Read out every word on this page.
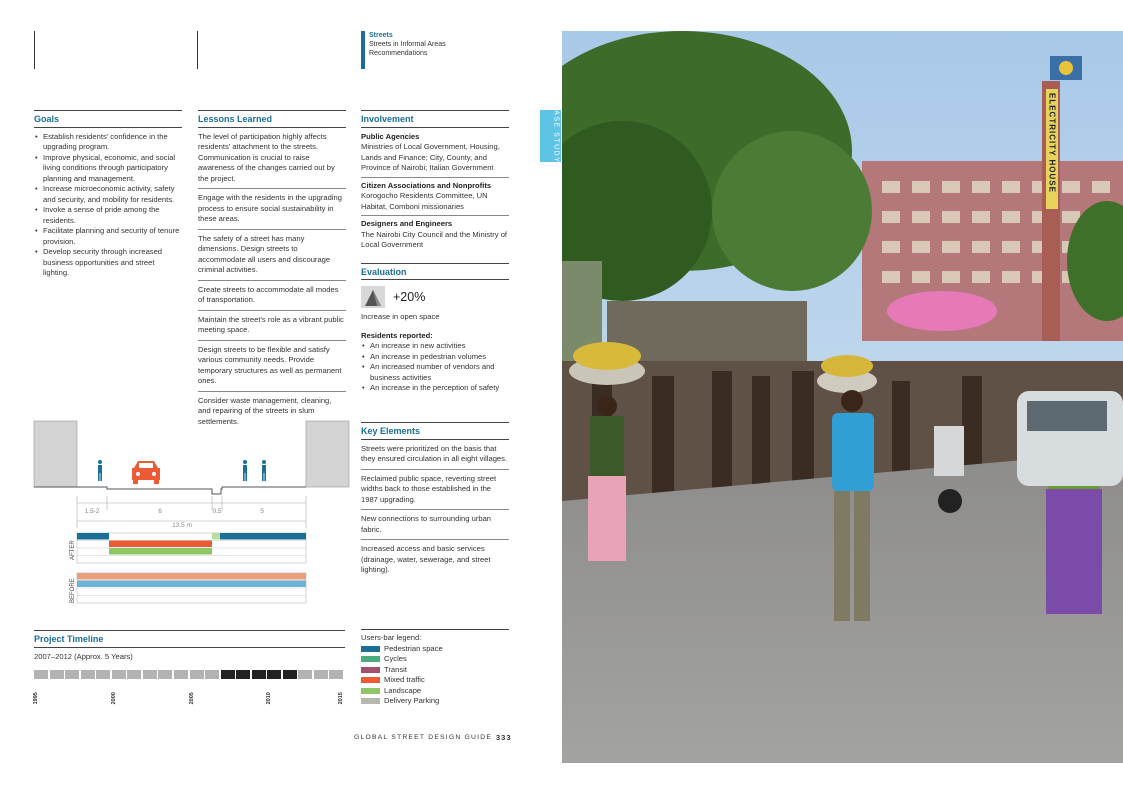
Streets
Streets in Informal Areas
Recommendations
CASE STUDY
Goals
• Establish residents' confidence in the upgrading program.
• Improve physical, economic, and social living conditions through participatory planning and management.
• Increase microeconomic activity, safety and security, and mobility for residents.
• Invoke a sense of pride among the residents.
• Facilitate planning and security of tenure provision.
• Develop security through increased business opportunities and street lighting.
Lessons Learned
The level of participation highly affects residents' attachment to the streets. Communication is crucial to raise awareness of the changes carried out by the project.
Engage with the residents in the upgrading process to ensure social sustainability in these areas.
The safety of a street has many dimensions. Design streets to accommodate all users and discourage criminal activities.
Create streets to accommodate all modes of transportation.
Maintain the street's role as a vibrant public meeting space.
Design streets to be flexible and satisfy various community needs. Provide temporary structures as well as permanent ones.
Consider waste management, cleaning, and repairing of the streets in slum settlements.
Involvement
Public Agencies
Ministries of Local Government, Housing, Lands and Finance; City, County, and Province of Nairobi; Italian Government
Citizen Associations and Nonprofits
Korogocho Residents Committee, UN Habitat, Comboni missionaries
Designers and Engineers
The Nairobi City Council and the Ministry of Local Government
Evaluation
+20%
Increase in open space
Residents reported:
• An increase in new activities
• An increase in pedestrian volumes
• An increased number of vendors and business activities
• An increase in the perception of safety
Key Elements
Streets were prioritized on the basis that they ensured circulation in all eight villages.
Reclaimed public space, reverting street widths back to those established in the 1987 upgrading.
New connections to surrounding urban fabric.
Increased access and basic services (drainage, water, sewerage, and street lighting).
1.5-2	6	0.5	5
13.5 m
AFTER
BEFORE
Project Timeline
2007–2012 (Approx. 5 Years)
1995	2000	2005	2010	2015
Users-bar legend:
Pedestrian space
Cycles
Transit
Mixed traffic
Landscape
Delivery Parking
GLOBAL STREET DESIGN GUIDE 333
ELECTRICITY HOUSE
